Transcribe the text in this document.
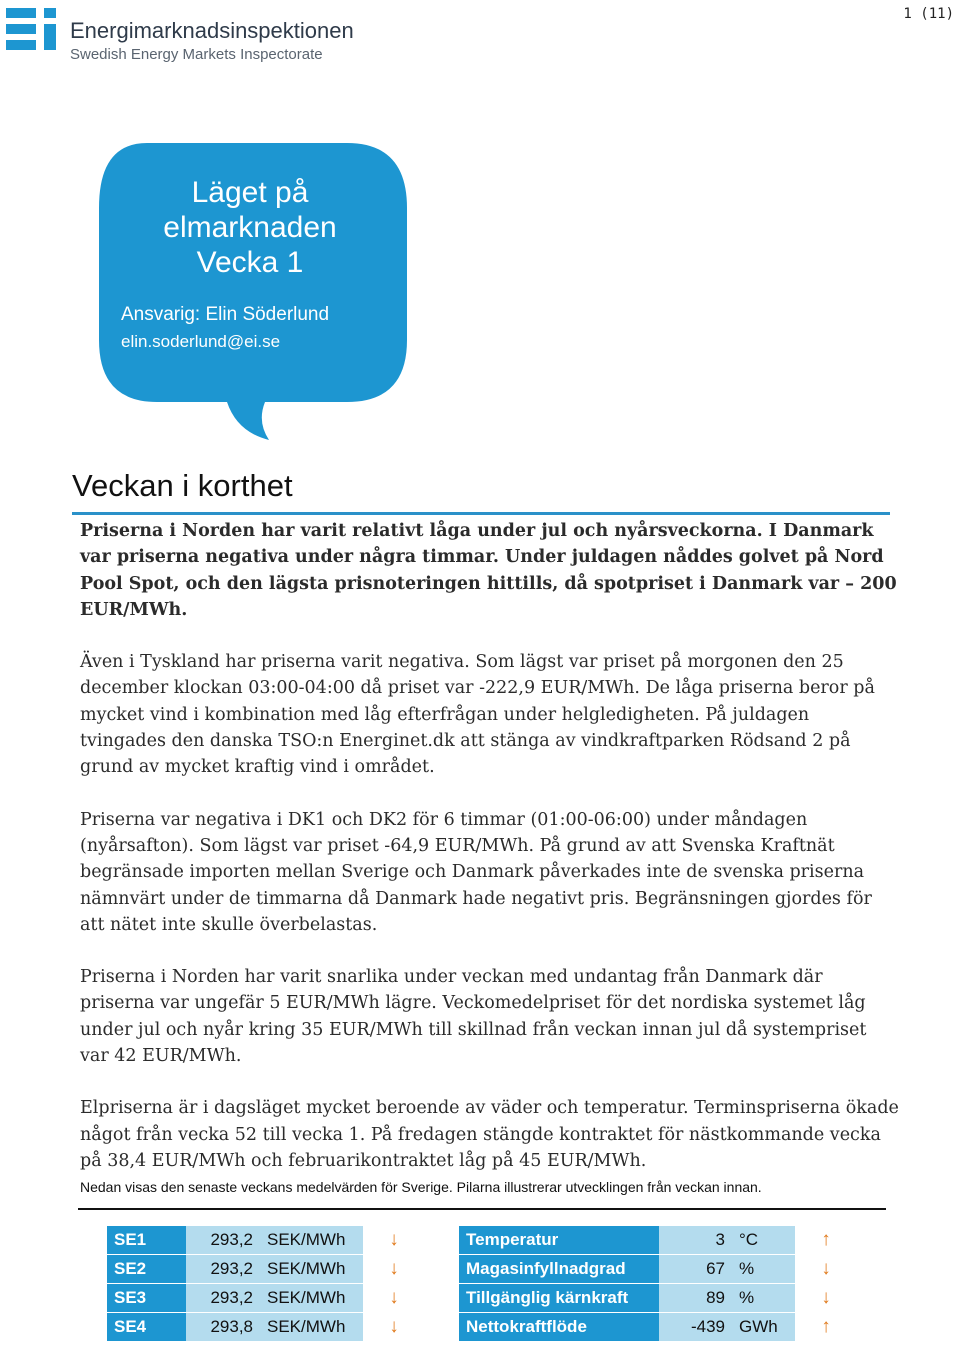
Energimarknadsinspektionen
Swedish Energy Markets Inspectorate
1 (11)
Läget på
elmarknaden
Vecka 1
Ansvarig: Elin Söderlund
elin.soderlund@ei.se
Veckan i korthet

Priserna i Norden har varit relativt låga under jul och nyårsveckorna. I Danmark var priserna negativa under några timmar. Under juldagen nåddes golvet på Nord Pool Spot, och den lägsta prisnoteringen hittills, då spotpriset i Danmark var – 200 EUR/MWh.

Även i Tyskland har priserna varit negativa. Som lägst var priset på morgonen den 25 december klockan 03:00-04:00 då priset var -222,9 EUR/MWh. De låga priserna beror på mycket vind i kombination med låg efterfrågan under helgledigheten. På juldagen tvingades den danska TSO:n Energinet.dk att stänga av vindkraftparken Rödsand 2 på grund av mycket kraftig vind i området.

Priserna var negativa i DK1 och DK2 för 6 timmar (01:00-06:00) under måndagen (nyårsafton). Som lägst var priset -64,9 EUR/MWh. På grund av att Svenska Kraftnät begränsade importen mellan Sverige och Danmark påverkades inte de svenska priserna nämnvärt under de timmarna då Danmark hade negativt pris. Begränsningen gjordes för att nätet inte skulle överbelastas.

Priserna i Norden har varit snarlika under veckan med undantag från Danmark där priserna var ungefär 5 EUR/MWh lägre. Veckomedelpriset för det nordiska systemet låg under jul och nyår kring 35 EUR/MWh till skillnad från veckan innan jul då systempriset var 42 EUR/MWh.

Elpriserna är i dagsläget mycket beroende av väder och temperatur. Terminspriserna ökade något från vecka 52 till vecka 1. På fredagen stängde kontraktet för nästkommande vecka på 38,4 EUR/MWh och februarikontraktet låg på 45 EUR/MWh.

Nedan visas den senaste veckans medelvärden för Sverige. Pilarna illustrerar utvecklingen från veckan innan.
SE1	293,2 SEK/MWh	↓
SE2	293,2 SEK/MWh	↓
SE3	293,2 SEK/MWh	↓
SE4	293,8 SEK/MWh	↓
Temperatur	3 °C	↑
Magasinfyllnadgrad	67 %	↓
Tillgänglig kärnkraft	89 %	↓
Nettokraftflöde	-439 GWh	↑
